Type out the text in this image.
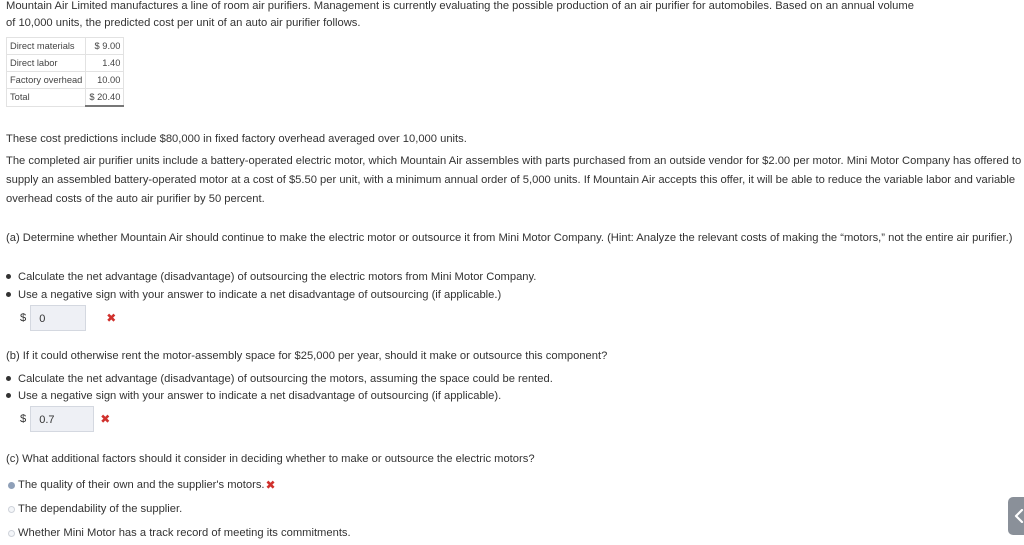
Mountain Air Limited manufactures a line of room air purifiers. Management is currently evaluating the possible production of an air purifier for automobiles. Based on an annual volume
of 10,000 units, the predicted cost per unit of an auto air purifier follows.
Direct materials	$ 9.00
Direct labor	1.40
Factory overhead	10.00
Total	$ 20.40
These cost predictions include $80,000 in fixed factory overhead averaged over 10,000 units.
The completed air purifier units include a battery-operated electric motor, which Mountain Air assembles with parts purchased from an outside vendor for $2.00 per motor. Mini Motor Company has offered to supply an assembled battery-operated motor at a cost of $5.50 per unit, with a minimum annual order of 5,000 units. If Mountain Air accepts this offer, it will be able to reduce the variable labor and variable overhead costs of the auto air purifier by 50 percent.
(a) Determine whether Mountain Air should continue to make the electric motor or outsource it from Mini Motor Company. (Hint: Analyze the relevant costs of making the “motors,” not the entire air purifier.)
Calculate the net advantage (disadvantage) of outsourcing the electric motors from Mini Motor Company.
Use a negative sign with your answer to indicate a net disadvantage of outsourcing (if applicable.)
$	0	✖
(b) If it could otherwise rent the motor-assembly space for $25,000 per year, should it make or outsource this component?
Calculate the net advantage (disadvantage) of outsourcing the motors, assuming the space could be rented.
Use a negative sign with your answer to indicate a net disadvantage of outsourcing (if applicable).
$	0.7	✖
(c) What additional factors should it consider in deciding whether to make or outsource the electric motors?
The quality of their own and the supplier's motors. ✖
The dependability of the supplier.
Whether Mini Motor has a track record of meeting its commitments.
